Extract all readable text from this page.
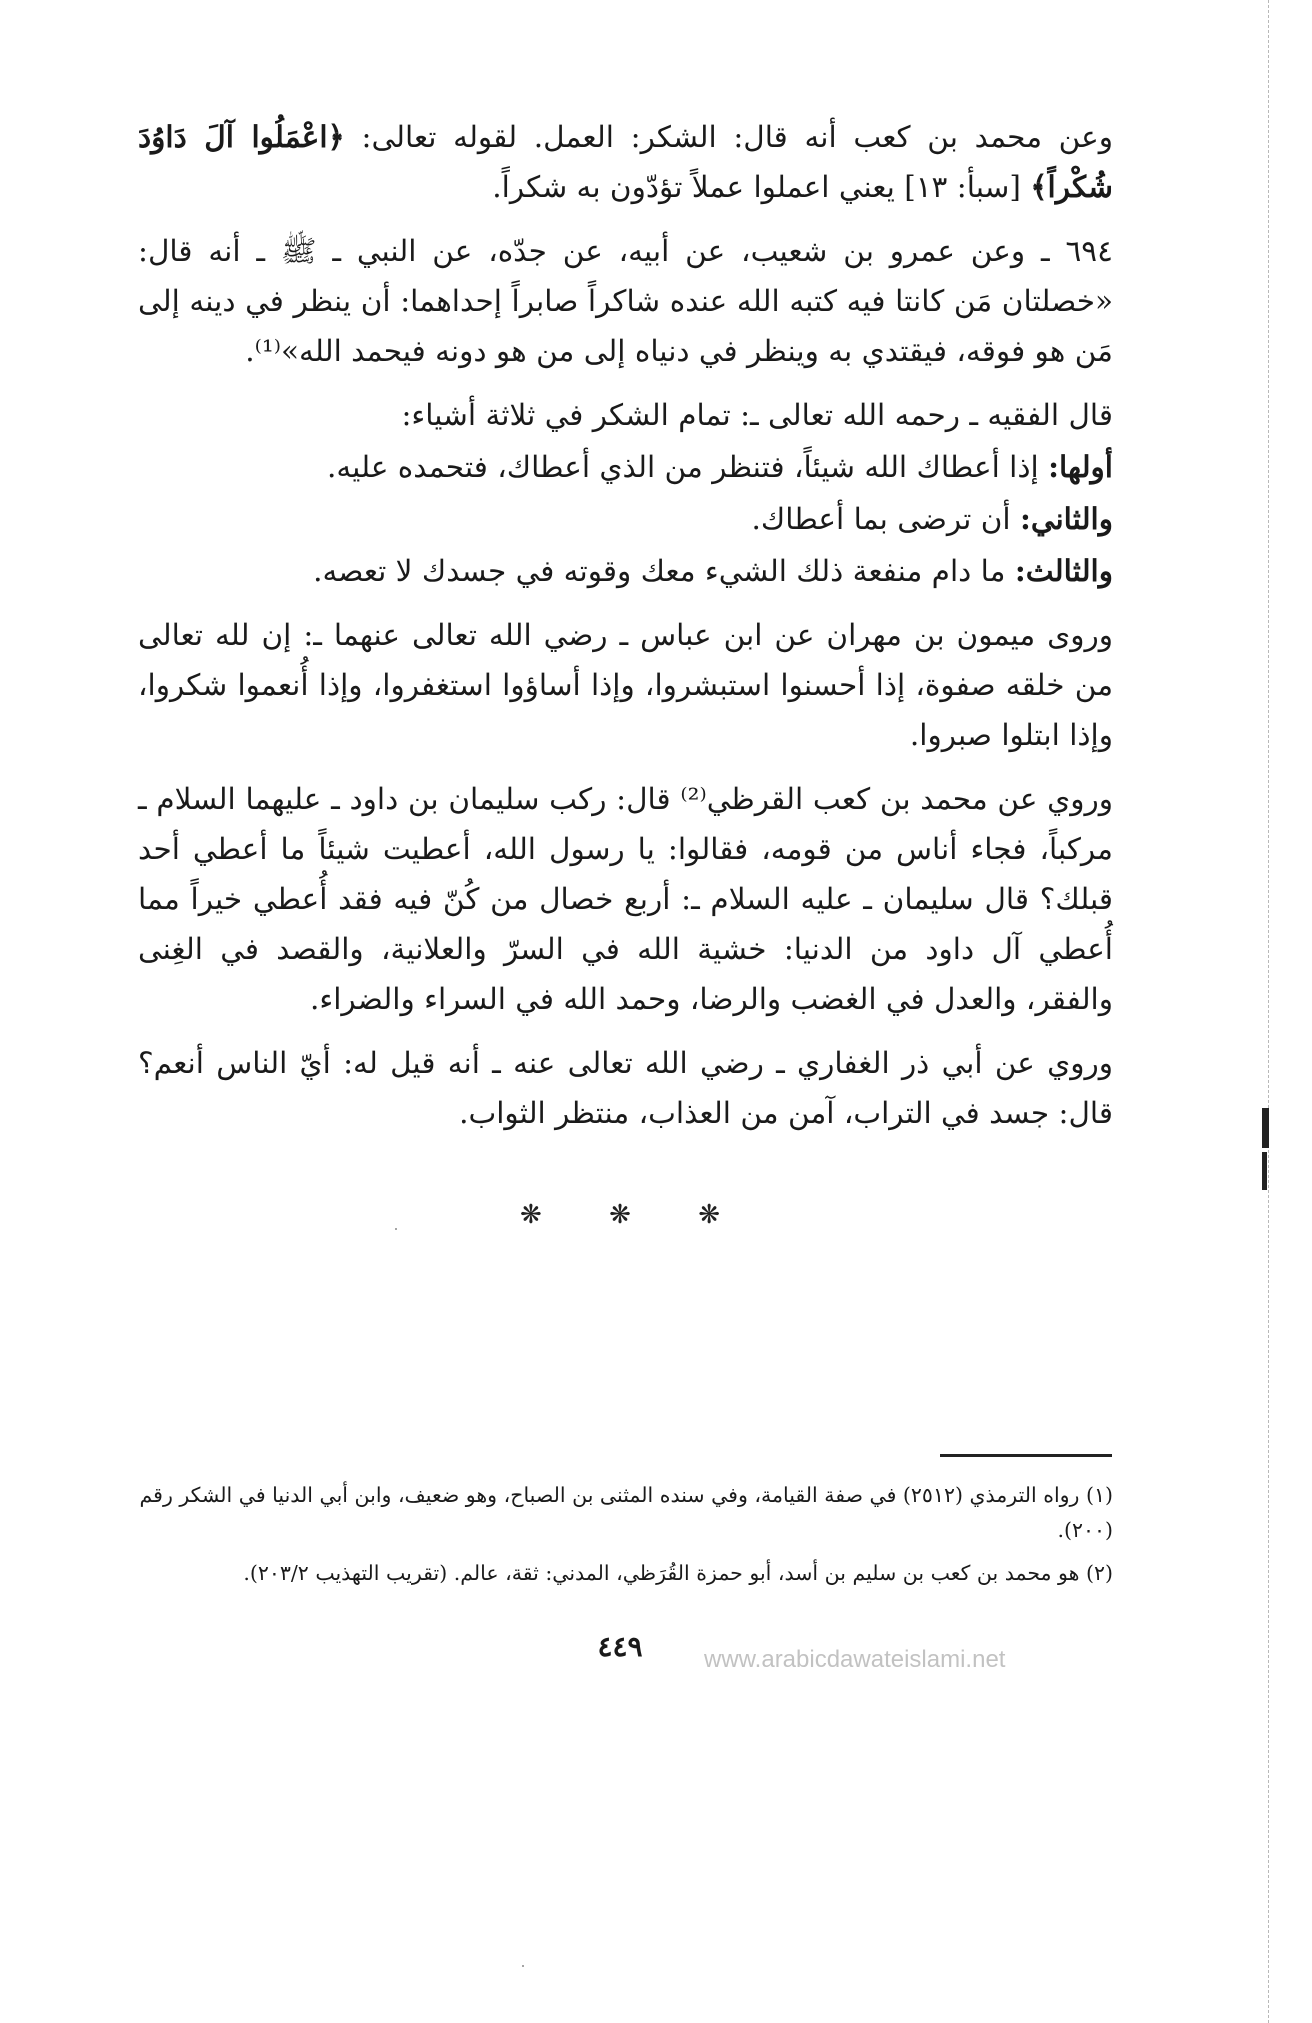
وعن محمد بن كعب أنه قال: الشكر: العمل. لقوله تعالى: ﴿اعْمَلُوا آلَ دَاوُدَ شُكْراً﴾ [سبأ: ١٣] يعني اعملوا عملاً تؤدّون به شكراً.

٦٩٤ ـ وعن عمرو بن شعيب، عن أبيه، عن جدّه، عن النبي ـ ﷺ ـ أنه قال: «خصلتان مَن كانتا فيه كتبه الله عنده شاكراً صابراً إحداهما: أن ينظر في دينه إلى مَن هو فوقه، فيقتدي به وينظر في دنياه إلى من هو دونه فيحمد الله»⁽¹⁾.

قال الفقيه ـ رحمه الله تعالى ـ: تمام الشكر في ثلاثة أشياء:

أولها: إذا أعطاك الله شيئاً، فتنظر من الذي أعطاك، فتحمده عليه.

والثاني: أن ترضى بما أعطاك.

والثالث: ما دام منفعة ذلك الشيء معك وقوته في جسدك لا تعصه.

وروى ميمون بن مهران عن ابن عباس ـ رضي الله تعالى عنهما ـ: إن لله تعالى من خلقه صفوة، إذا أحسنوا استبشروا، وإذا أساؤوا استغفروا، وإذا أُنعموا شكروا، وإذا ابتلوا صبروا.

وروي عن محمد بن كعب القرظي⁽²⁾ قال: ركب سليمان بن داود ـ عليهما السلام ـ مركباً، فجاء أناس من قومه، فقالوا: يا رسول الله، أعطيت شيئاً ما أعطي أحد قبلك؟ قال سليمان ـ عليه السلام ـ: أربع خصال من كُنّ فيه فقد أُعطي خيراً مما أُعطي آل داود من الدنيا: خشية الله في السرّ والعلانية، والقصد في الغِنى والفقر، والعدل في الغضب والرضا، وحمد الله في السراء والضراء.

وروي عن أبي ذر الغفاري ـ رضي الله تعالى عنه ـ أنه قيل له: أيّ الناس أنعم؟ قال: جسد في التراب، آمن من العذاب، منتظر الثواب.

❋	❋	❋

(١) رواه الترمذي (٢٥١٢) في صفة القيامة، وفي سنده المثنى بن الصباح، وهو ضعيف، وابن أبي الدنيا في الشكر رقم (٢٠٠).

(٢) هو محمد بن كعب بن سليم بن أسد، أبو حمزة القُرَظي، المدني: ثقة، عالم. (تقريب التهذيب ٢٠٣/٢).

٤٤٩	www.arabicdawateislami.net
